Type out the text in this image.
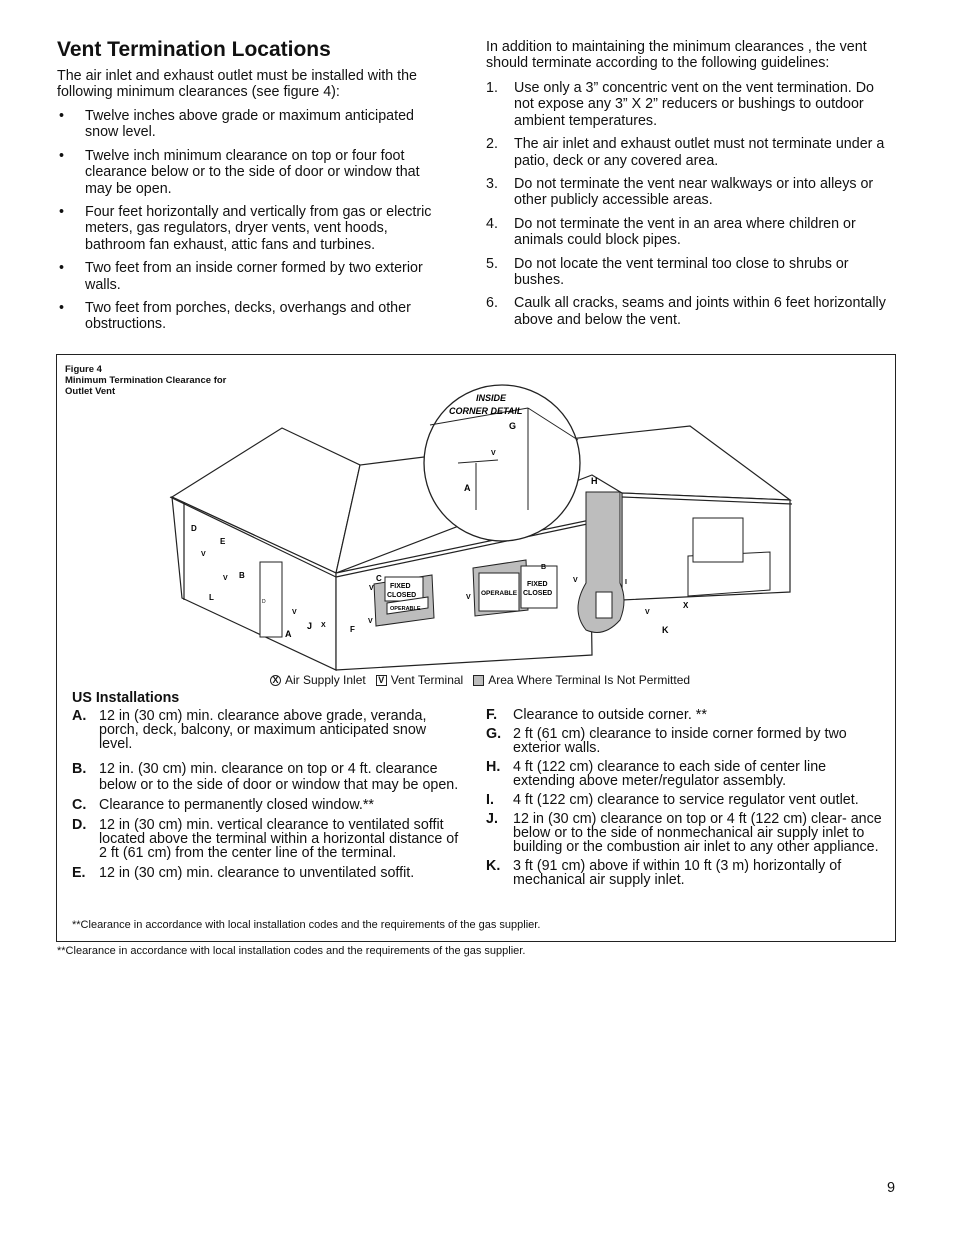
Vent Termination Locations
The air inlet and exhaust outlet must be installed with the following minimum clearances (see figure 4):
• Twelve inches above grade or maximum anticipated snow level.
• Twelve inch minimum clearance on top or four foot clearance below or to the side of door or window that may be open.
• Four feet horizontally and vertically from gas or electric meters, gas regulators, dryer vents, vent hoods, bathroom fan exhaust, attic fans and turbines.
• Two feet from an inside corner formed by two exterior walls.
• Two feet from porches, decks, overhangs and other obstructions.
In addition to maintaining the minimum clearances , the vent should terminate according to the following guidelines:
1. Use only a 3” concentric vent on the vent termination. Do not expose any 3” X 2” reducers or bushings to outdoor ambient temperatures.
2. The air inlet and exhaust outlet must not terminate under a patio, deck or any covered area.
3. Do not terminate the vent near walkways or into alleys or other publicly accessible areas.
4. Do not terminate the vent in an area where children or animals could block pipes.
5. Do not locate the vent terminal too close to shrubs or bushes.
6. Caulk all cracks, seams and joints within 6 feet horizontally above and below the vent.
Figure 4
Minimum Termination Clearance for
Outlet Vent
D
INSIDE
CORNER DETAIL
G
A
V
H
D
E
B
L
A
J	F
C
B
I
K
X
V
V
V
V
V
V
V
V
X
FIXED
CLOSED
OPERABLE
OPERABLE
FIXED
CLOSED
X Air Supply Inlet V Vent Terminal Area Where Terminal Is Not Permitted
US Installations
A. 12 in (30 cm) min. clearance above grade, veranda, porch, deck, balcony, or maximum anticipated snow level.
B. 12 in. (30 cm) min. clearance on top or 4 ft. clearance below or to the side of door or window that may be open.
C. Clearance to permanently closed window.**
D. 12 in (30 cm) min. vertical clearance to ventilated soffit located above the terminal within a horizontal distance of 2 ft (61 cm) from the center line of the terminal.
E. 12 in (30 cm) min. clearance to unventilated soffit.
F. Clearance to outside corner. **
G. 2 ft (61 cm) clearance to inside corner formed by two exterior walls.
H. 4 ft (122 cm) clearance to each side of center line extending above meter/regulator assembly.
I. 4 ft (122 cm) clearance to service regulator vent outlet.
J. 12 in (30 cm) clearance on top or 4 ft (122 cm) clear- ance below or to the side of nonmechanical air supply inlet to building or the combustion air inlet to any other appliance.
K. 3 ft (91 cm) above if within 10 ft (3 m) horizontally of mechanical air supply inlet.
**Clearance in accordance with local installation codes and the requirements of the gas supplier.
**Clearance in accordance with local installation codes and the requirements of the gas supplier.
9
